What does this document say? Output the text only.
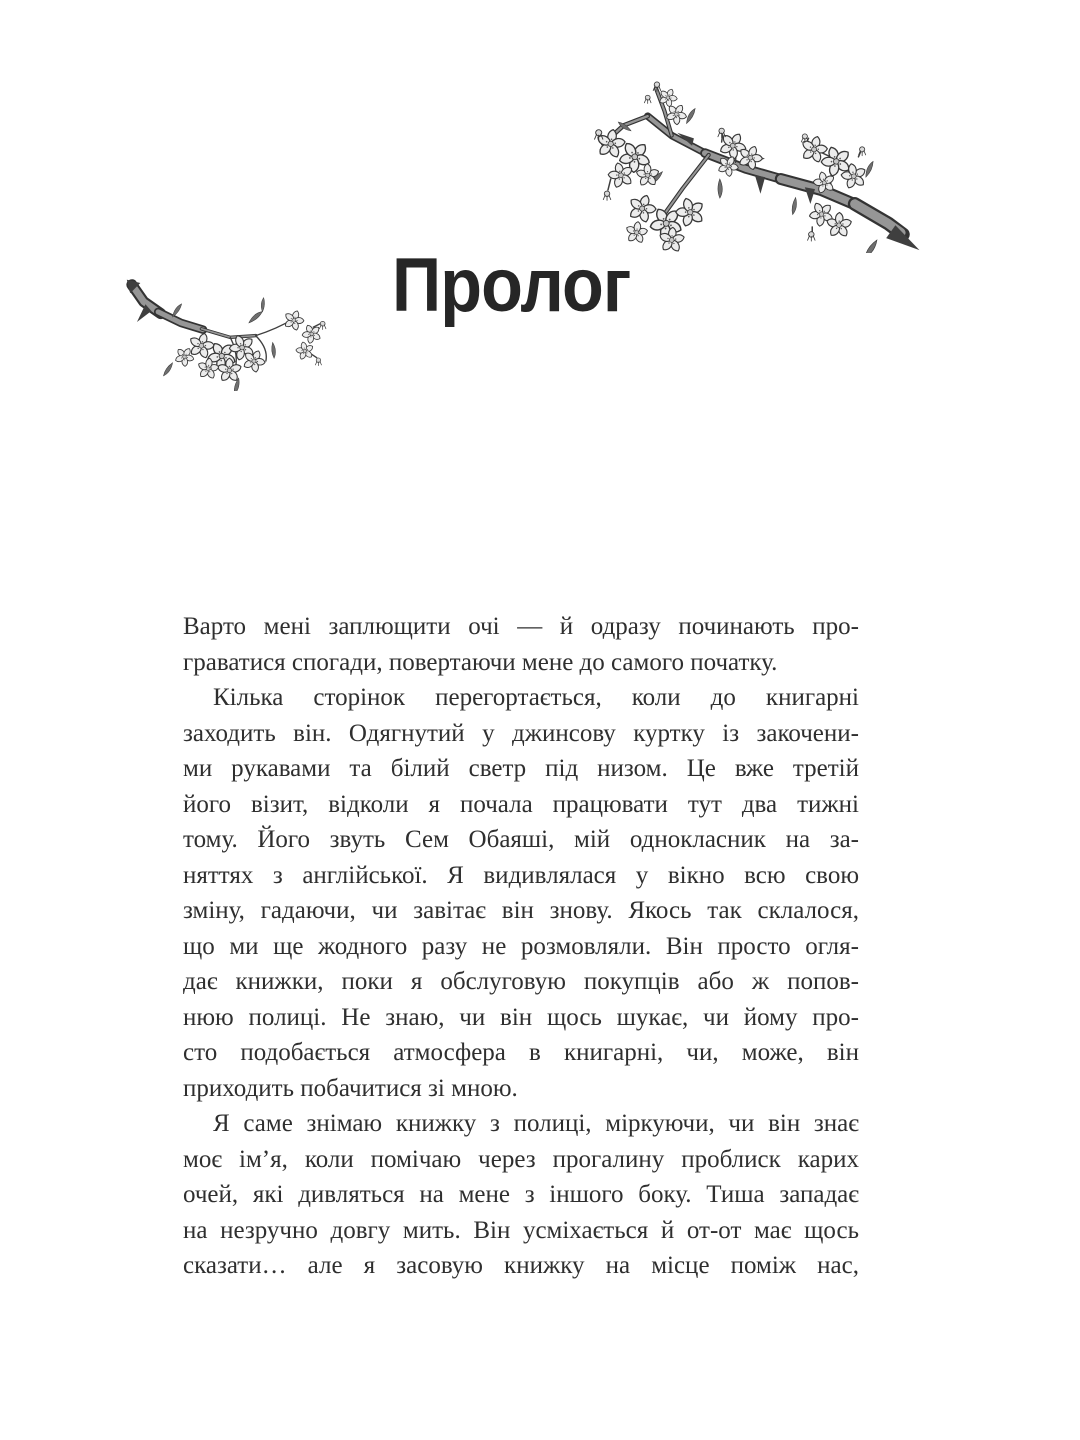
Пролог
Варто мені заплющити очі — й одразу починають про-
граватися спогади, повертаючи мене до самого початку.
Кілька сторінок перегортається, коли до книгарні
заходить він. Одягнутий у джинсову куртку із закочени-
ми рукавами та білий светр під низом. Це вже третій
його візит, відколи я почала працювати тут два тижні
тому. Його звуть Сем Обаяші, мій однокласник на за-
няттях з англійської. Я видивлялася у вікно всю свою
зміну, гадаючи, чи завітає він знову. Якось так склалося,
що ми ще жодного разу не розмовляли. Він просто огля-
дає книжки, поки я обслуговую покупців або ж попов-
нюю полиці. Не знаю, чи він щось шукає, чи йому про-
сто подобається атмосфера в книгарні, чи, може, він
приходить побачитися зі мною.
Я саме знімаю книжку з полиці, міркуючи, чи він знає
моє ім’я, коли помічаю через прогалину проблиск карих
очей, які дивляться на мене з іншого боку. Тиша западає
на незручно довгу мить. Він усміхається й от-от має щось
сказати… але я засовую книжку на місце поміж нас,
